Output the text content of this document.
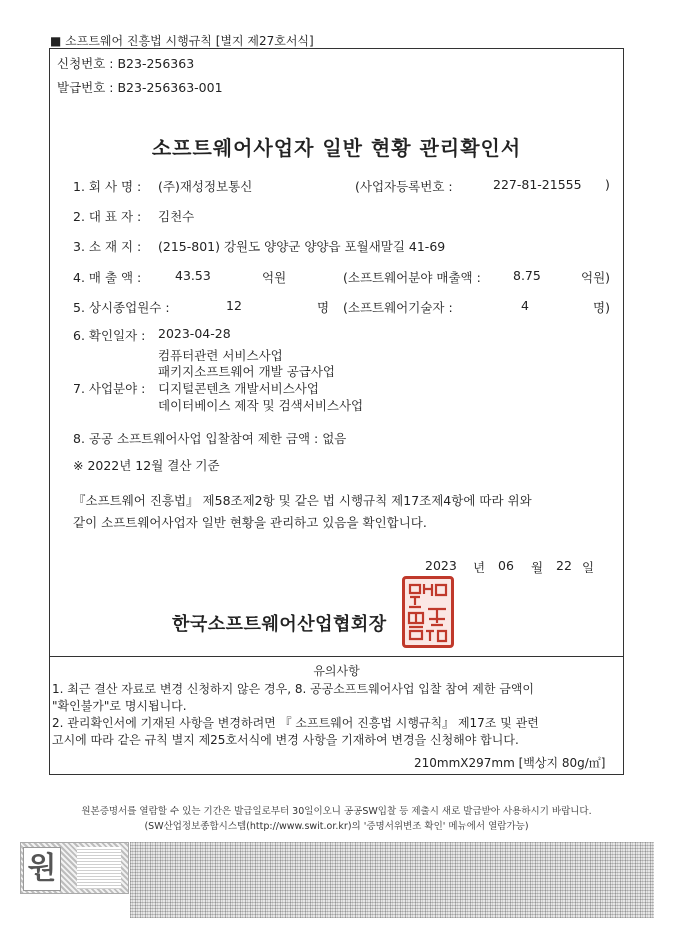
■ 소프트웨어 진흥법 시행규칙 [별지 제27호서식]
신청번호 : B23-256363
발급번호 : B23-256363-001
소프트웨어사업자 일반 현황 관리확인서
1. 회 사 명 : (주)재성정보통신	(사업자등록번호 :	227-81-21555 )
2. 대 표 자 : 김천수
3. 소 재 지 : (215-801) 강원도 양양군 양양읍 포월새말길 41-69
4. 매 출 액 :	43.53	억원	(소프트웨어분야 매출액 :	8.75	억원)
5. 상시종업원수 :	12	명 (소프트웨어기술자 :	4	명)
6. 확인일자 : 2023-04-28
컴퓨터관련 서비스사업
패키지소프트웨어 개발 공급사업
7. 사업분야 : 디지털콘텐츠 개발서비스사업
데이터베이스 제작 및 검색서비스사업
8. 공공 소프트웨어사업 입찰참여 제한 금액 : 없음
※ 2022년 12월 결산 기준
『소프트웨어 진흥법』 제58조제2항 및 같은 법 시행규칙 제17조제4항에 따라 위와
같이 소프트웨어사업자 일반 현황을 관리하고 있음을 확인합니다.
2023 년 06 월 22 일
한국소프트웨어산업협회장
유의사항
1. 최근 결산 자료로 변경 신청하지 않은 경우, 8. 공공소프트웨어사업 입찰 참여 제한 금액이
"확인불가"로 명시됩니다.
2. 관리확인서에 기재된 사항을 변경하려면 『 소프트웨어 진흥법 시행규칙』 제17조 및 관련
고시에 따라 같은 규칙 별지 제25호서식에 변경 사항을 기재하여 변경을 신청해야 합니다.
210mmX297mm [백상지 80g/㎡]
원본증명서를 열람할 수 있는 기간은 발급일로부터 30일이오니 공공SW입찰 등 제출시 새로 발급받아 사용하시기 바랍니다.
(SW산업정보종합시스템(http://www.swit.or.kr)의 '증명서위변조 확인' 메뉴에서 열람가능)
원
